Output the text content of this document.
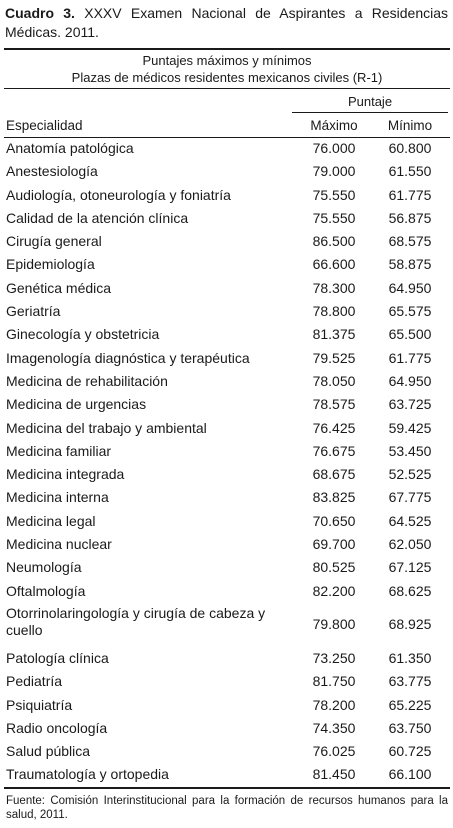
Cuadro 3. XXXV Examen Nacional de Aspirantes a Residencias Médicas. 2011.
Puntajes máximos y mínimos
Plazas de médicos residentes mexicanos civiles (R-1)
Puntaje
Especialidad	Máximo	Mínimo
Anatomía patológica	76.000	60.800
Anestesiología	79.000	61.550
Audiología, otoneurología y foniatría	75.550	61.775
Calidad de la atención clínica	75.550	56.875
Cirugía general	86.500	68.575
Epidemiología	66.600	58.875
Genética médica	78.300	64.950
Geriatría	78.800	65.575
Ginecología y obstetricia	81.375	65.500
Imagenología diagnóstica y terapéutica	79.525	61.775
Medicina de rehabilitación	78.050	64.950
Medicina de urgencias	78.575	63.725
Medicina del trabajo y ambiental	76.425	59.425
Medicina familiar	76.675	53.450
Medicina integrada	68.675	52.525
Medicina interna	83.825	67.775
Medicina legal	70.650	64.525
Medicina nuclear	69.700	62.050
Neumología	80.525	67.125
Oftalmología	82.200	68.625
Otorrinolaringología y cirugía de cabeza y cuello	79.800	68.925
Patología clínica	73.250	61.350
Pediatría	81.750	63.775
Psiquiatría	78.200	65.225
Radio oncología	74.350	63.750
Salud pública	76.025	60.725
Traumatología y ortopedia	81.450	66.100
Fuente: Comisión Interinstitucional para la formación de recursos humanos para la salud, 2011.
